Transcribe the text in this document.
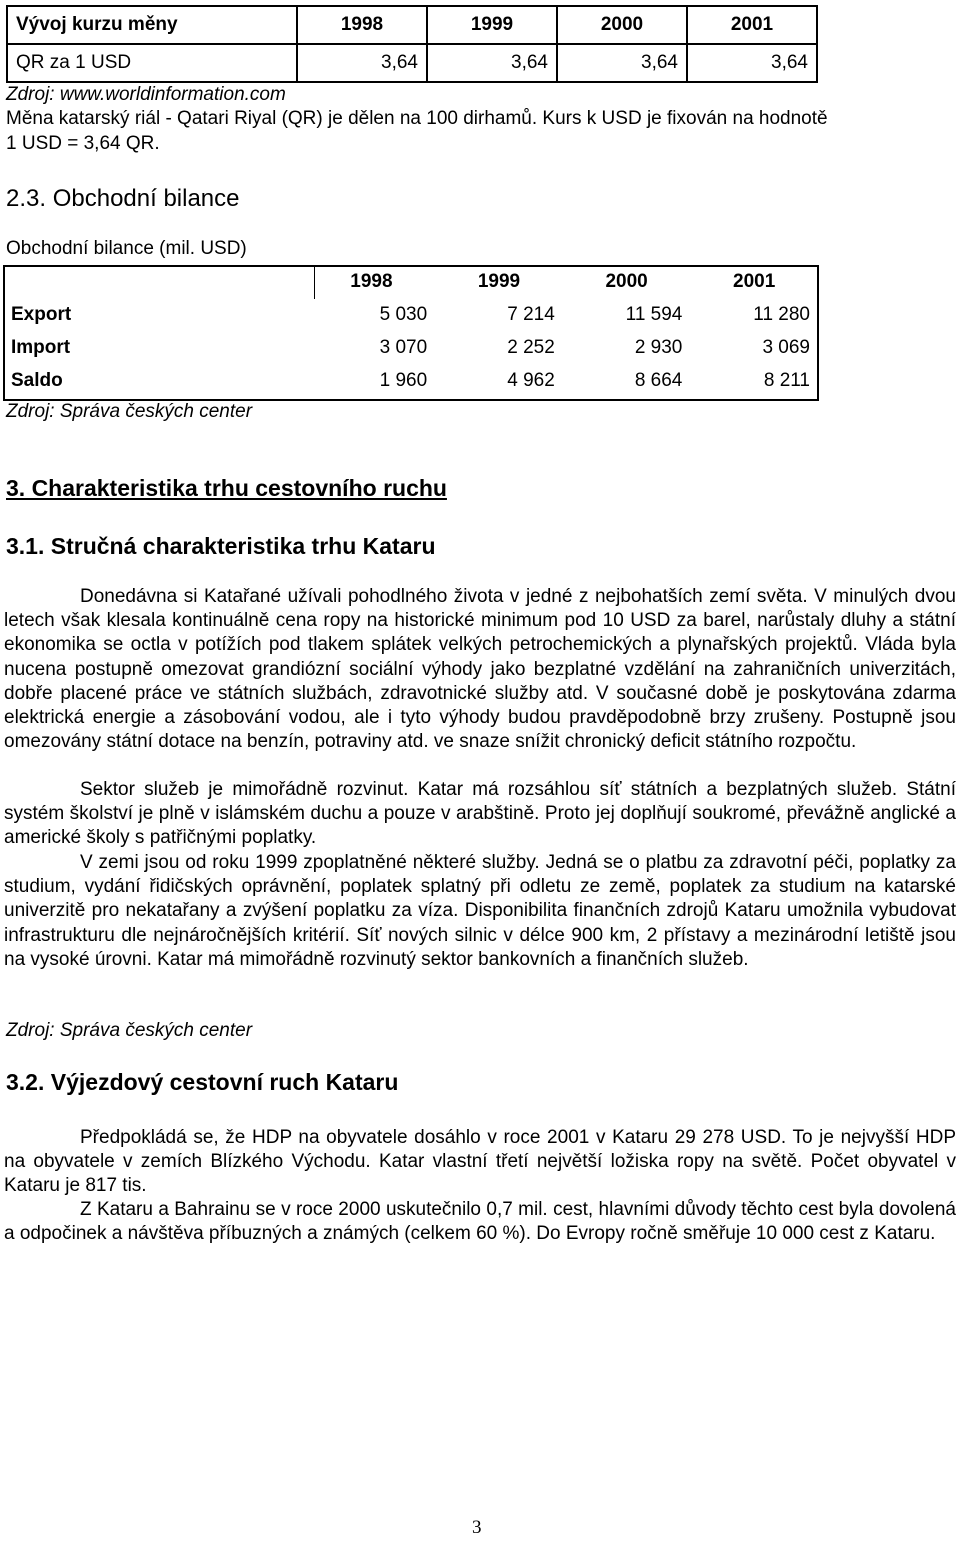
Vývoj kurzu měny	1998	1999	2000	2001
QR za 1 USD	3,64	3,64	3,64	3,64
Zdroj: www.worldinformation.com
Měna katarský riál - Qatari Riyal (QR) je dělen na 100 dirhamů. Kurs k USD je fixován na hodnotě
1 USD = 3,64 QR.
2.3. Obchodní bilance
Obchodní bilance (mil. USD)
	1998	1999	2000	2001
Export	5 030	7 214	11 594	11 280
Import	3 070	2 252	2 930	3 069
Saldo	1 960	4 962	8 664	8 211
Zdroj: Správa českých center
3. Charakteristika trhu cestovního ruchu
3.1. Stručná charakteristika trhu Kataru

Donedávna si Katařané užívali pohodlného života v jedné z nejbohatších zemí světa. V minulých dvou letech však klesala kontinuálně cena ropy na historické minimum pod 10 USD za barel, narůstaly dluhy a státní ekonomika se octla v potížích pod tlakem splátek velkých petrochemických a plynařských projektů. Vláda byla nucena postupně omezovat grandiózní sociální výhody jako bezplatné vzdělání na zahraničních univerzitách, dobře placené práce ve státních službách, zdravotnické služby atd. V současné době je poskytována zdarma elektrická energie a zásobování vodou, ale i tyto výhody budou pravděpodobně brzy zrušeny. Postupně jsou omezovány státní dotace na benzín, potraviny atd. ve snaze snížit chronický deficit státního rozpočtu.

Sektor služeb je mimořádně rozvinut. Katar má rozsáhlou síť státních a bezplatných služeb. Státní systém školství je plně v islámském duchu a pouze v arabštině. Proto jej doplňují soukromé, převážně anglické a americké školy s patřičnými poplatky.

V zemi jsou od roku 1999 zpoplatněné některé služby. Jedná se o platbu za zdravotní péči, poplatky za studium, vydání řidičských oprávnění, poplatek splatný při odletu ze země, poplatek za studium na katarské univerzitě pro nekatařany a zvýšení poplatku za víza. Disponibilita finančních zdrojů Kataru umožnila vybudovat infrastrukturu dle nejnáročnějších kritérií. Síť nových silnic v délce 900 km, 2 přístavy a mezinárodní letiště jsou na vysoké úrovni. Katar má mimořádně rozvinutý sektor bankovních a finančních služeb.

Zdroj: Správa českých center
3.2. Výjezdový cestovní ruch Kataru

Předpokládá se, že HDP na obyvatele dosáhlo v roce 2001 v Kataru 29 278 USD. To je nejvyšší HDP na obyvatele v zemích Blízkého Východu. Katar vlastní třetí největší ložiska ropy na světě. Počet obyvatel v Kataru je 817 tis.

Z Kataru a Bahrainu se v roce 2000 uskutečnilo 0,7 mil. cest, hlavními důvody těchto cest byla dovolená a odpočinek a návštěva příbuzných a známých (celkem 60 %). Do Evropy ročně směřuje 10 000 cest z Kataru.

3
